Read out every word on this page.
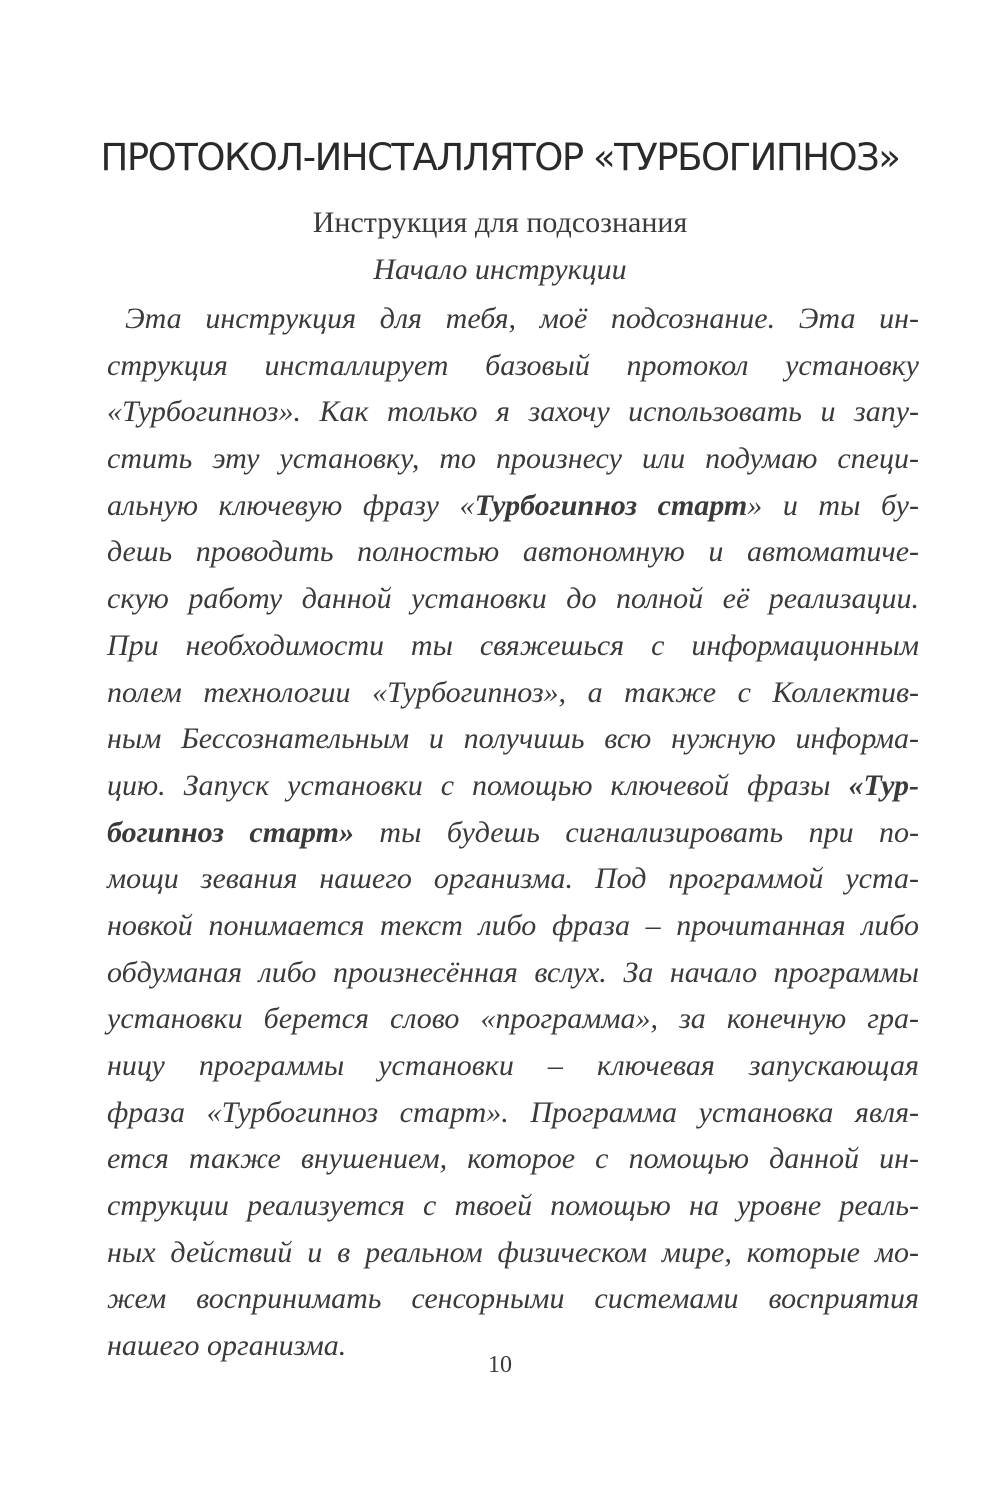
ПРОТОКОЛ-ИНСТАЛЛЯТОР «ТУРБОГИПНОЗ»

Инструкция для подсознания

Начало инструкции

Эта инструкция для тебя, моё подсознание. Эта ин-
струкция инсталлирует базовый протокол установку
«Турбогипноз». Как только я захочу использовать и запу-
стить эту установку, то произнесу или подумаю специ-
альную ключевую фразу «Турбогипноз старт» и ты бу-
дешь проводить полностью автономную и автоматиче-
скую работу данной установки до полной её реализации.
При необходимости ты свяжешься с информационным
полем технологии «Турбогипноз», а также с Коллектив-
ным Бессознательным и получишь всю нужную информа-
цию. Запуск установки с помощью ключевой фразы «Тур-
богипноз старт» ты будешь сигнализировать при по-
мощи зевания нашего организма. Под программой уста-
новкой понимается текст либо фраза – прочитанная либо
обдуманая либо произнесённая вслух. За начало программы
установки берется слово «программа», за конечную гра-
ницу программы установки – ключевая запускающая
фраза «Турбогипноз старт». Программа установка явля-
ется также внушением, которое с помощью данной ин-
струкции реализуется с твоей помощью на уровне реаль-
ных действий и в реальном физическом мире, которые мо-
жем воспринимать сенсорными системами восприятия
нашего организма.
10
